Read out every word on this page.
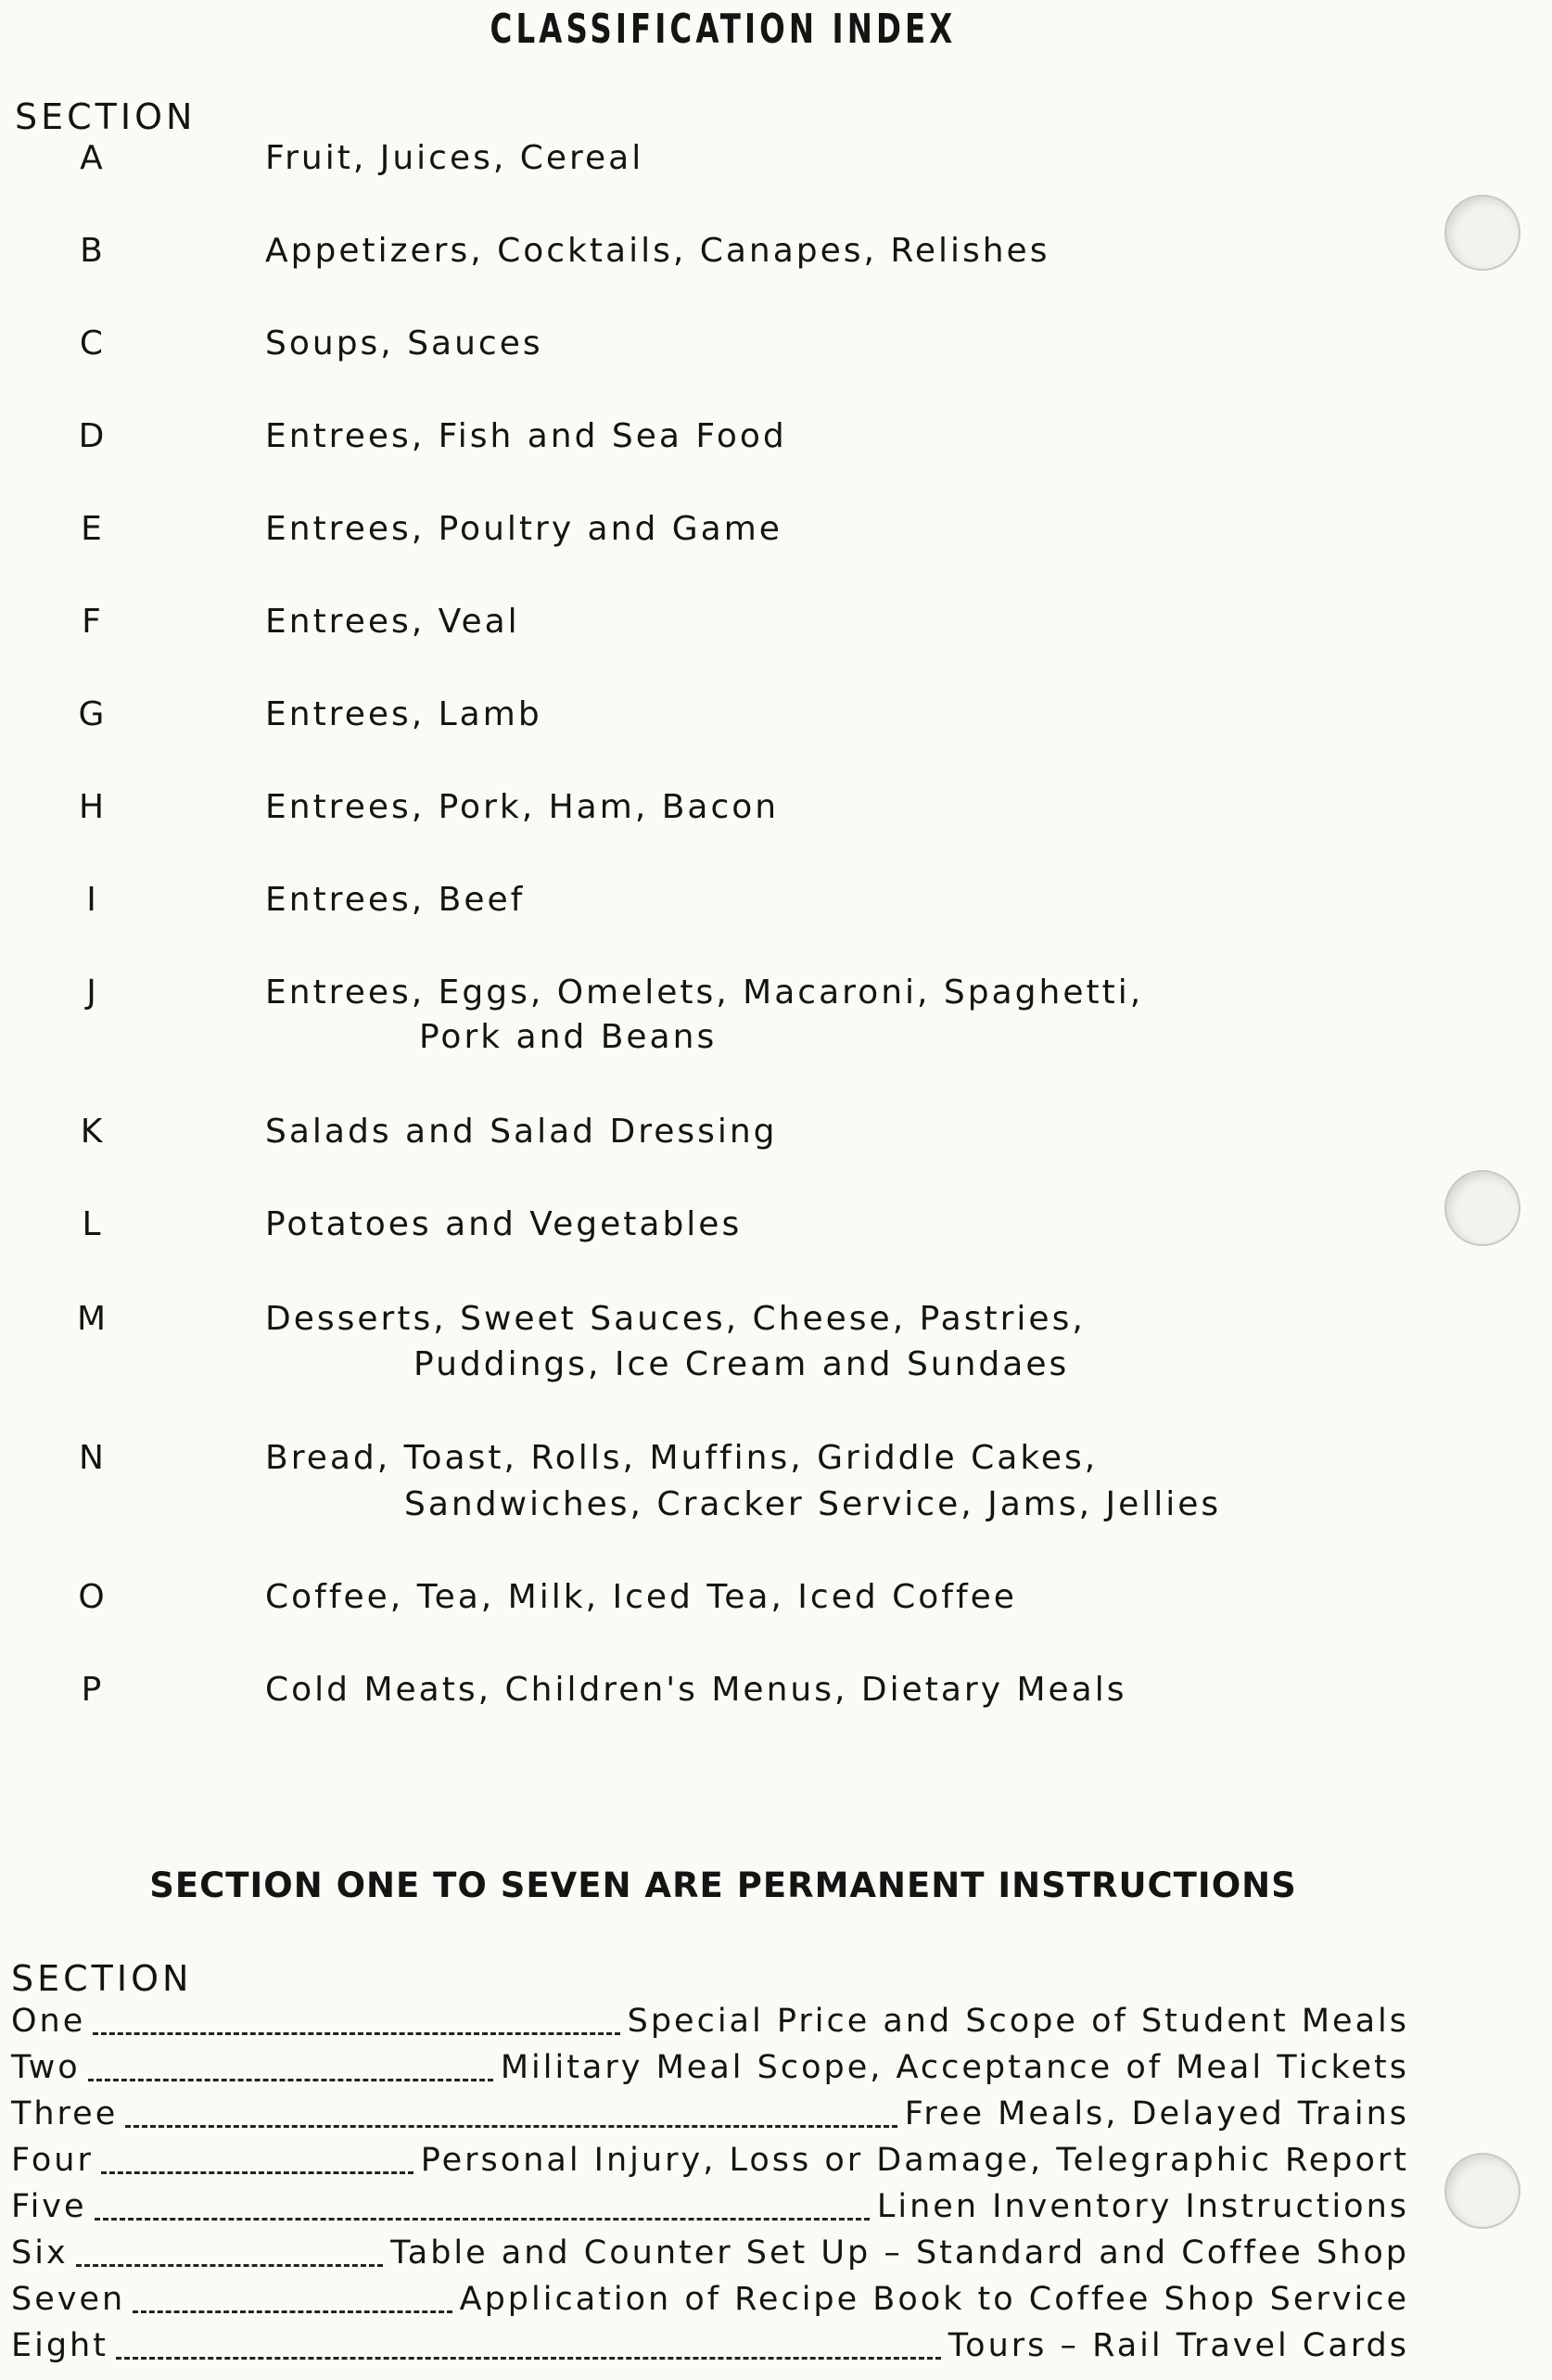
CLASSIFICATION INDEX
SECTION
A	Fruit, Juices, Cereal
B	Appetizers, Cocktails, Canapes, Relishes
C	Soups, Sauces
D	Entrees, Fish and Sea Food
E	Entrees, Poultry and Game
F	Entrees, Veal
G	Entrees, Lamb
H	Entrees, Pork, Ham, Bacon
I	Entrees, Beef
J	Entrees, Eggs, Omelets, Macaroni, Spaghetti,
Pork and Beans
K	Salads and Salad Dressing
L	Potatoes and Vegetables
M	Desserts, Sweet Sauces, Cheese, Pastries,
Puddings, Ice Cream and Sundaes
N	Bread, Toast, Rolls, Muffins, Griddle Cakes,
Sandwiches, Cracker Service, Jams, Jellies
O	Coffee, Tea, Milk, Iced Tea, Iced Coffee
P	Cold Meats, Children's Menus, Dietary Meals
SECTION ONE TO SEVEN ARE PERMANENT INSTRUCTIONS
SECTION
One	Special Price and Scope of Student Meals
Two	Military Meal Scope, Acceptance of Meal Tickets
Three	Free Meals, Delayed Trains
Four	Personal Injury, Loss or Damage, Telegraphic Report
Five	Linen Inventory Instructions
Six	Table and Counter Set Up – Standard and Coffee Shop
Seven	Application of Recipe Book to Coffee Shop Service
Eight	Tours – Rail Travel Cards
